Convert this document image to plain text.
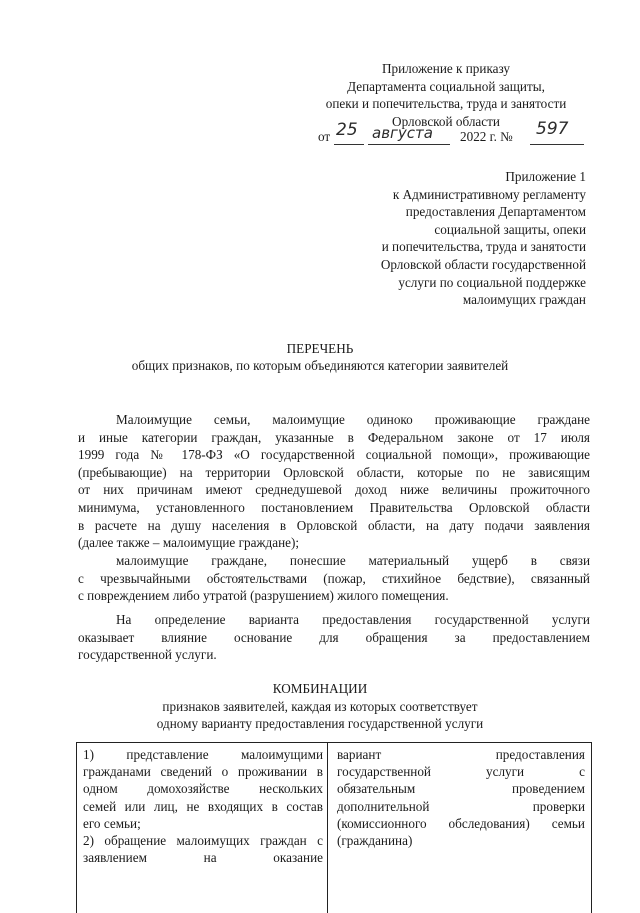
Приложение к приказу
Департамента социальной защиты,
опеки и попечительства, труда и занятости
Орловской области
от 25 августа 2022 г. № 597
Приложение 1
к Административному регламенту
предоставления Департаментом
социальной защиты, опеки
и попечительства, труда и занятости
Орловской области государственной
услуги по социальной поддержке
малоимущих граждан
ПЕРЕЧЕНЬ
общих признаков, по которым объединяются категории заявителей
Малоимущие семьи, малоимущие одиноко проживающие граждане
и иные категории граждан, указанные в Федеральном законе от 17 июля
1999 года № 178-ФЗ «О государственной социальной помощи», проживающие
(пребывающие) на территории Орловской области, которые по не зависящим
от них причинам имеют среднедушевой доход ниже величины прожиточного
минимума, установленного постановлением Правительства Орловской области
в расчете на душу населения в Орловской области, на дату подачи заявления
(далее также – малоимущие граждане);
малоимущие граждане, понесшие материальный ущерб в связи
с чрезвычайными обстоятельствами (пожар, стихийное бедствие), связанный
с повреждением либо утратой (разрушением) жилого помещения.
На определение варианта предоставления государственной услуги
оказывает влияние основание для обращения за предоставлением
государственной услуги.
КОМБИНАЦИИ
признаков заявителей, каждая из которых соответствует
одному варианту предоставления государственной услуги
1) представление малоимущими
гражданами сведений о проживании в
одном домохозяйстве нескольких
семей или лиц, не входящих в состав
его семьи;
2) обращение малоимущих граждан с
заявлением на оказание
вариант предоставления
государственной услуги с
обязательным проведением
дополнительной проверки
(комиссионного обследования) семьи
(гражданина)
